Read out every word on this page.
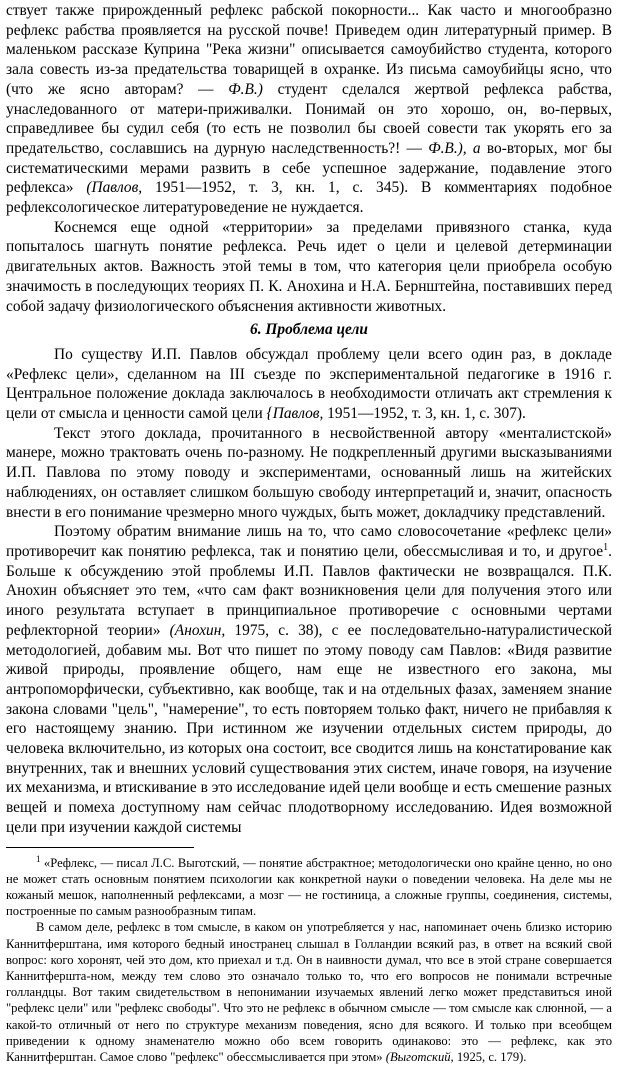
ствует также прирожденный рефлекс рабской покорности... Как часто и многообразно рефлекс рабства проявляется на русской почве! Приведем один литературный пример. В маленьком рассказе Куприна "Река жизни" описывается самоубийство студента, которого зала совесть из-за предательства товарищей в охранке. Из письма самоубийцы ясно, что (что же ясно авторам? — Ф.В.) студент сделался жертвой рефлекса рабства, унаследованного от матери-приживалки. Понимай он это хорошо, он, во-первых, справедливее бы судил себя (то есть не позволил бы своей совести так укорять его за предательство, сославшись на дурную наследственность?! — Ф.В.), а во-вторых, мог бы систематическими мерами развить в себе успешное задержание, подавление этого рефлекса» (Павлов, 1951—1952, т. 3, кн. 1, с. 345). В комментариях подобное рефлексологическое литературоведение не нуждается.

Коснемся еще одной «территории» за пределами привязного станка, куда попыталось шагнуть понятие рефлекса. Речь идет о цели и целевой детерминации двигательных актов. Важность этой темы в том, что категория цели приобрела особую значимость в последующих теориях П. К. Анохина и Н.А. Бернштейна, поставивших перед собой задачу физиологического объяснения активности животных.

6. Проблема цели

По существу И.П. Павлов обсуждал проблему цели всего один раз, в докладе «Рефлекс цели», сделанном на III съезде по экспериментальной педагогике в 1916 г. Центральное положение доклада заключалось в необходимости отличать акт стремления к цели от смысла и ценности самой цели {Павлов, 1951—1952, т. 3, кн. 1, с. 307).

Текст этого доклада, прочитанного в несвойственной автору «менталистской» манере, можно трактовать очень по-разному. Не подкрепленный другими высказываниями И.П. Павлова по этому поводу и экспериментами, основанный лишь на житейских наблюдениях, он оставляет слишком большую свободу интерпретаций и, значит, опасность внести в его понимание чрезмерно много чуждых, быть может, докладчику представлений.

Поэтому обратим внимание лишь на то, что само словосочетание «рефлекс цели» противоречит как понятию рефлекса, так и понятию цели, обессмысливая и то, и другое$^1$. Больше к обсуждению этой проблемы И.П. Павлов фактически не возвращался. П.К. Анохин объясняет это тем, «что сам факт возникновения цели для получения этого или иного результата вступает в принципиальное противоречие с основными чертами рефлекторной теории» (Анохин, 1975, с. 38), с ее последовательно-натуралистической методологией, добавим мы. Вот что пишет по этому поводу сам Павлов: «Видя развитие живой природы, проявление общего, нам еще не известного его закона, мы антропоморфически, субъективно, как вообще, так и на отдельных фазах, заменяем знание закона словами "цель", "намерение", то есть повторяем только факт, ничего не прибавляя к его настоящему знанию. При истинном же изучении отдельных систем природы, до человека включительно, из которых она состоит, все сводится лишь на констатирование как внутренних, так и внешних условий существования этих систем, иначе говоря, на изучение их механизма, и втискивание в это исследование идей цели вообще и есть смешение разных вещей и помеха доступному нам сейчас плодотворному исследованию. Идея возможной цели при изучении каждой системы

$^1$ «Рефлекс, — писал Л.С. Выготский, — понятие абстрактное; методологически оно крайне ценно, но оно не может стать основным понятием психологии как конкретной науки о поведении человека. На деле мы не кожаный мешок, наполненный рефлексами, а мозг — не гостиница, а сложные группы, соединения, системы, построенные по самым разнообразным типам.

В самом деле, рефлекс в том смысле, в каком он употребляется у нас, напоминает очень близко историю Каннитферштана, имя которого бедный иностранец слышал в Голландии всякий раз, в ответ на всякий свой вопрос: кого хоронят, чей это дом, кто приехал и т.д. Он в наивности думал, что все в этой стране совершается Каннитферштa-ном, между тем слово это означало только то, что его вопросов не понимали встречные голландцы. Вот таким свидетельством в непонимании изучаемых явлений легко может представиться иной "рефлекс цели" или "рефлекс свободы". Что это не рефлекс в обычном смысле — том смысле как слюнной, — а какой-то отличный от него по структуре механизм поведения, ясно для всякого. И только при всеобщем приведении к одному знаменателю можно обо всем говорить одинаково: это — рефлекс, как это Каннитферштан. Самое слово "рефлекс" обессмысливается при этом» (Выготский, 1925, с. 179).
